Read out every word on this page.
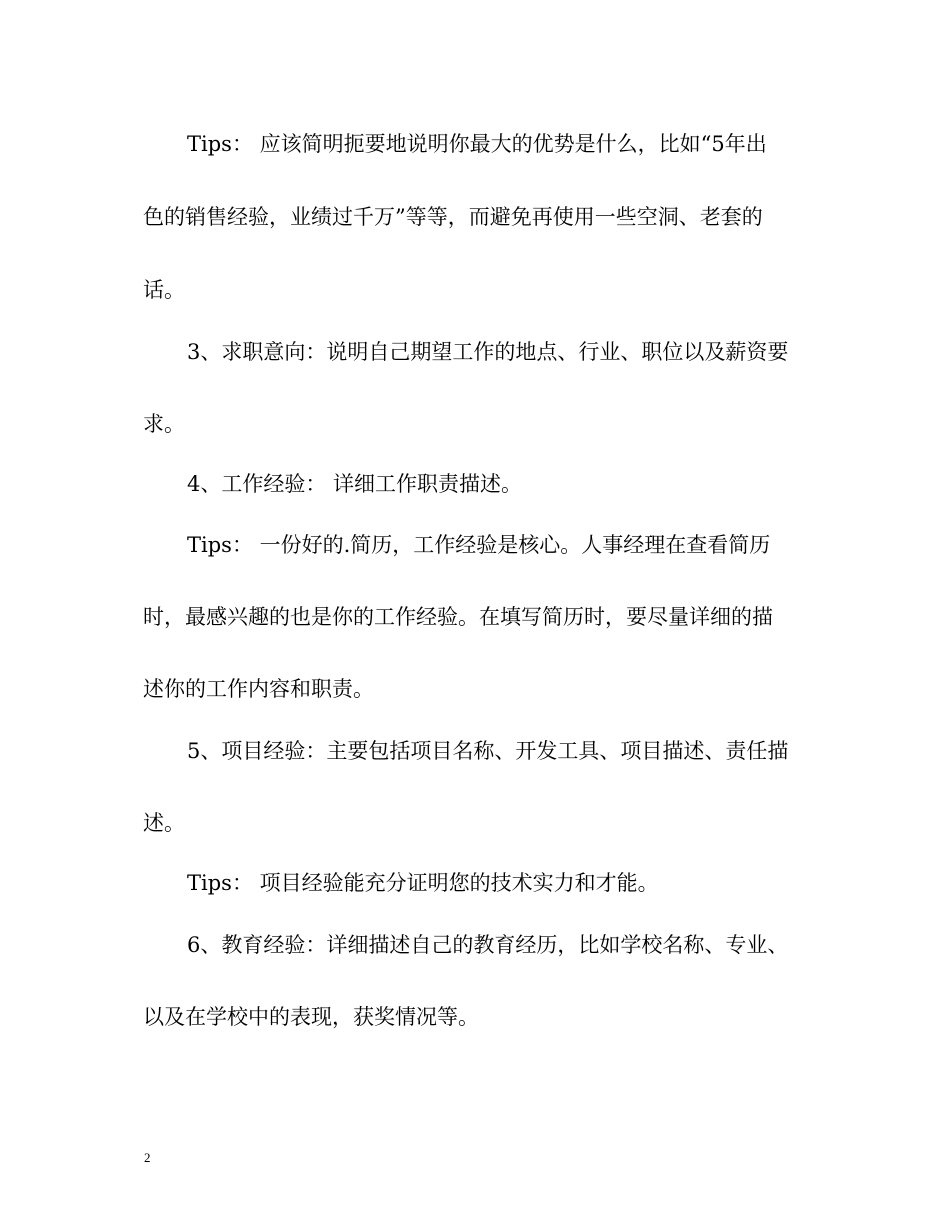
Tips： 应该简明扼要地说明你最大的优势是什么，比如“5年出
色的销售经验，业绩过千万”等等，而避免再使用一些空洞、老套的
话。
3、求职意向：说明自己期望工作的地点、行业、职位以及薪资要
求。
4、工作经验： 详细工作职责描述。
Tips： 一份好的.简历，工作经验是核心。人事经理在查看简历
时，最感兴趣的也是你的工作经验。在填写简历时，要尽量详细的描
述你的工作内容和职责。
5、项目经验：主要包括项目名称、开发工具、项目描述、责任描
述。
Tips： 项目经验能充分证明您的技术实力和才能。
6、教育经验：详细描述自己的教育经历，比如学校名称、专业、
以及在学校中的表现，获奖情况等。
2
